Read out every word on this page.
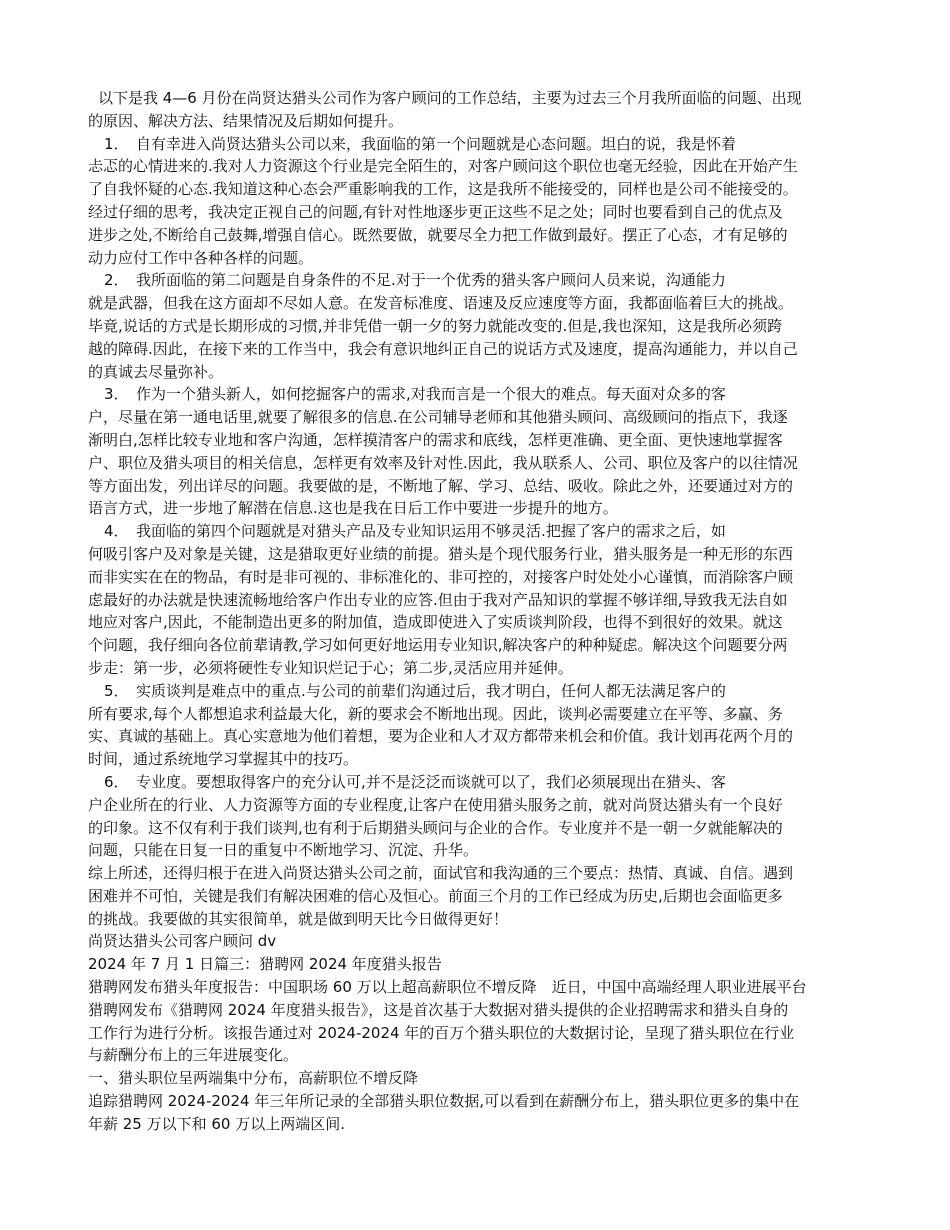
以下是我 4—6 月份在尚贤达猎头公司作为客户顾问的工作总结，主要为过去三个月我所面临的问题、出现
的原因、解决方法、结果情况及后期如何提升。
1．　自有幸进入尚贤达猎头公司以来，我面临的第一个问题就是心态问题。坦白的说，我是怀着
忐忑的心情进来的.我对人力资源这个行业是完全陌生的，对客户顾问这个职位也毫无经验，因此在开始产生
了自我怀疑的心态.我知道这种心态会严重影响我的工作，这是我所不能接受的，同样也是公司不能接受的。
经过仔细的思考，我决定正视自己的问题,有针对性地逐步更正这些不足之处；同时也要看到自己的优点及
进步之处,不断给自己鼓舞,增强自信心。既然要做，就要尽全力把工作做到最好。摆正了心态，才有足够的
动力应付工作中各种各样的问题。
2．　我所面临的第二问题是自身条件的不足.对于一个优秀的猎头客户顾问人员来说，沟通能力
就是武器，但我在这方面却不尽如人意。在发音标准度、语速及反应速度等方面，我都面临着巨大的挑战。
毕竟,说话的方式是长期形成的习惯,并非凭借一朝一夕的努力就能改变的.但是,我也深知，这是我所必须跨
越的障碍.因此，在接下来的工作当中，我会有意识地纠正自己的说话方式及速度，提高沟通能力，并以自己
的真诚去尽量弥补。
3．　作为一个猎头新人，如何挖掘客户的需求,对我而言是一个很大的难点。每天面对众多的客
户，尽量在第一通电话里,就要了解很多的信息.在公司辅导老师和其他猎头顾问、高级顾问的指点下，我逐
渐明白,怎样比较专业地和客户沟通，怎样摸清客户的需求和底线，怎样更准确、更全面、更快速地掌握客
户、职位及猎头项目的相关信息，怎样更有效率及针对性.因此，我从联系人、公司、职位及客户的以往情况
等方面出发，列出详尽的问题。我要做的是，不断地了解、学习、总结、吸收。除此之外，还要通过对方的
语言方式，进一步地了解潜在信息.这也是我在日后工作中要进一步提升的地方。
4．　我面临的第四个问题就是对猎头产品及专业知识运用不够灵活.把握了客户的需求之后，如
何吸引客户及对象是关键，这是猎取更好业绩的前提。猎头是个现代服务行业，猎头服务是一种无形的东西
而非实实在在的物品，有时是非可视的、非标准化的、非可控的，对接客户时处处小心谨慎，而消除客户顾
虑最好的办法就是快速流畅地给客户作出专业的应答.但由于我对产品知识的掌握不够详细,导致我无法自如
地应对客户,因此，不能制造出更多的附加值，造成即使进入了实质谈判阶段，也得不到很好的效果。就这
个问题，我仔细向各位前辈请教,学习如何更好地运用专业知识,解决客户的种种疑虑。解决这个问题要分两
步走：第一步，必须将硬性专业知识烂记于心；第二步,灵活应用并延伸。
5．　实质谈判是难点中的重点.与公司的前辈们沟通过后，我才明白，任何人都无法满足客户的
所有要求,每个人都想追求利益最大化，新的要求会不断地出现。因此，谈判必需要建立在平等、多赢、务
实、真诚的基础上。真心实意地为他们着想，要为企业和人才双方都带来机会和价值。我计划再花两个月的
时间，通过系统地学习掌握其中的技巧。
6．　专业度。要想取得客户的充分认可,并不是泛泛而谈就可以了，我们必须展现出在猎头、客
户企业所在的行业、人力资源等方面的专业程度,让客户在使用猎头服务之前，就对尚贤达猎头有一个良好
的印象。这不仅有利于我们谈判,也有利于后期猎头顾问与企业的合作。专业度并不是一朝一夕就能解决的
问题，只能在日复一日的重复中不断地学习、沉淀、升华。
综上所述，还得归根于在进入尚贤达猎头公司之前，面试官和我沟通的三个要点：热情、真诚、自信。遇到
困难并不可怕，关键是我们有解决困难的信心及恒心。前面三个月的工作已经成为历史,后期也会面临更多
的挑战。我要做的其实很简单，就是做到明天比今日做得更好！
尚贤达猎头公司客户顾问 dv
2024 年 7 月 1 日篇三：猎聘网 2024 年度猎头报告
猎聘网发布猎头年度报告：中国职场 60 万以上超高薪职位不增反降　近日，中国中高端经理人职业进展平台
猎聘网发布《猎聘网 2024 年度猎头报告》，这是首次基于大数据对猎头提供的企业招聘需求和猎头自身的
工作行为进行分析。该报告通过对 2024-2024 年的百万个猎头职位的大数据讨论，呈现了猎头职位在行业
与薪酬分布上的三年进展变化。
一、猎头职位呈两端集中分布，高薪职位不增反降
追踪猎聘网 2024-2024 年三年所记录的全部猎头职位数据,可以看到在薪酬分布上，猎头职位更多的集中在
年薪 25 万以下和 60 万以上两端区间.
